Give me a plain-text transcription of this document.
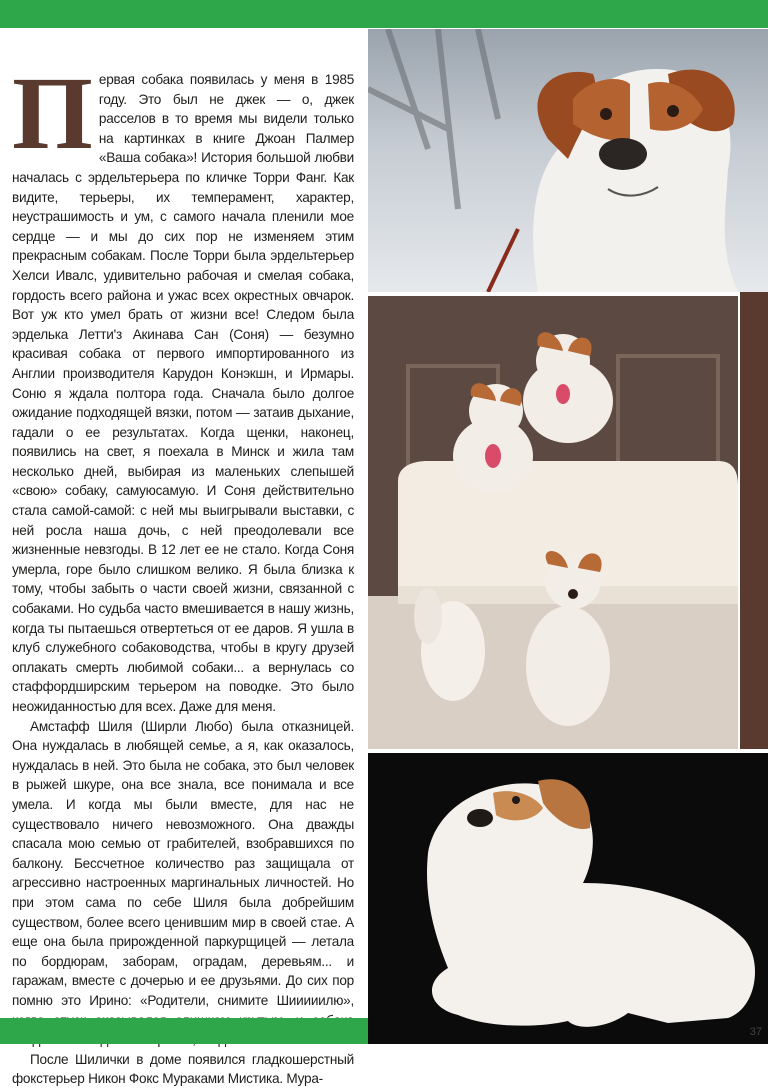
Первая собака появилась у меня в 1985 году. Это был не джек — о, джек расселов в то время мы видели только на картинках в книге Джоан Палмер «Ваша собака»! История большой любви началась с эрдельтерьера по кличке Торри Фанг. Как видите, терьеры, их темперамент, характер, неустрашимость и ум, с самого начала пленили мое сердце — и мы до сих пор не изменяем этим прекрасным собакам. После Торри была эрдельтерьер Хелси Ивалс, удивительно рабочая и смелая собака, гордость всего района и ужас всех окрестных овчарок. Вот уж кто умел брать от жизни все! Следом была эрделька Летти'з Акинава Сан (Соня) — безумно красивая собака от первого импортированного из Англии производителя Карудон Конэкшн, и Ирмары. Соню я ждала полтора года. Сначала было долгое ожидание подходящей вязки, потом — затаив дыхание, гадали о ее результатах. Когда щенки, наконец, появились на свет, я поехала в Минск и жила там несколько дней, выбирая из маленьких слепышей «свою» собаку, самуюсамую. И Соня действительно стала самой-самой: с ней мы выигрывали выставки, с ней росла наша дочь, с ней преодолевали все жизненные невзгоды. В 12 лет ее не стало. Когда Соня умерла, горе было слишком велико. Я была близка к тому, чтобы забыть о части своей жизни, связанной с собаками. Но судьба часто вмешивается в нашу жизнь, когда ты пытаешься отвертеться от ее даров. Я ушла в клуб служебного собаководства, чтобы в кругу друзей оплакать смерть любимой собаки... а вернулась со стаффордширским терьером на поводке. Это было неожиданностью для всех. Даже для меня.

Амстафф Шиля (Ширли Любо) была отказницей. Она нуждалась в любящей семье, а я, как оказалось, нуждалась в ней. Это была не собака, это был человек в рыжей шкуре, она все знала, все понимала и все умела. И когда мы были вместе, для нас не существовало ничего невозможного. Она дважды спасала мою семью от грабителей, взобравшихся по балкону. Бессчетное количество раз защищала от агрессивно настроенных маргинальных личностей. Но при этом сама по себе Шиля была добрейшим существом, более всего ценившим мир в своей стае. А еще она была прирожденной паркурщицей — летала по бордюрам, заборам, оградам, деревьям... и гаражам, вместе с дочерью и ее друзьями. До сих пор помню это Ирино: «Родители, снимите Шииииилю»,

После Шилички в доме появился гладкошерстный фокстерьер Никон Фокс Мураками Мистика. Мура-

37
